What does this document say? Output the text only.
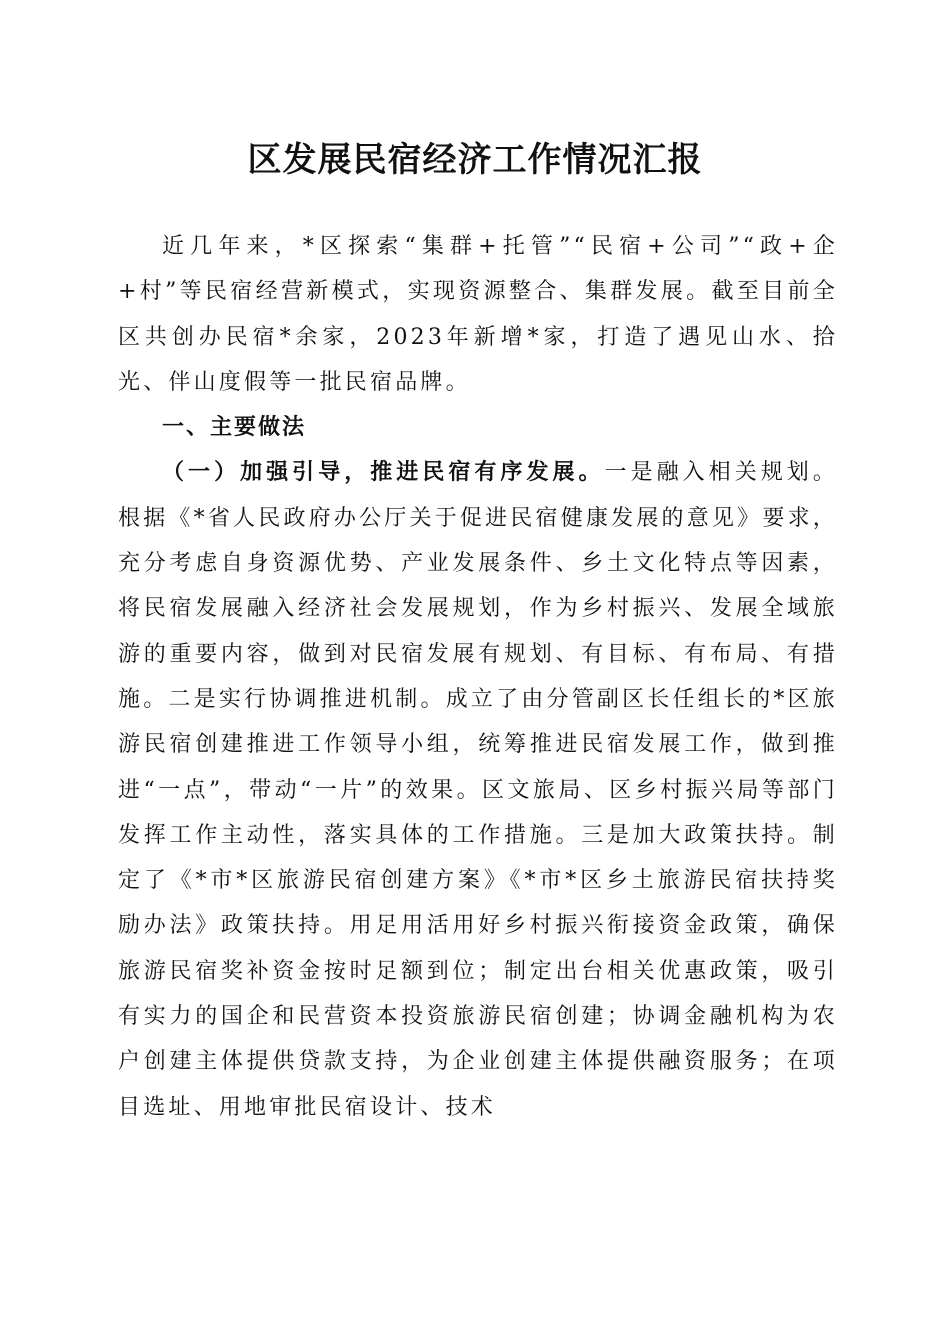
区发展民宿经济工作情况汇报

近几年来，*区探索“集群+托管”“民宿+公司”“政+企+村”等民宿经营新模式，实现资源整合、集群发展。截至目前全区共创办民宿*余家，2023年新增*家，打造了遇见山水、拾光、伴山度假等一批民宿品牌。

一、主要做法

（一）加强引导，推进民宿有序发展。一是融入相关规划。根据《*省人民政府办公厅关于促进民宿健康发展的意见》要求，充分考虑自身资源优势、产业发展条件、乡土文化特点等因素，将民宿发展融入经济社会发展规划，作为乡村振兴、发展全域旅游的重要内容，做到对民宿发展有规划、有目标、有布局、有措施。二是实行协调推进机制。成立了由分管副区长任组长的*区旅游民宿创建推进工作领导小组，统筹推进民宿发展工作，做到推进“一点”，带动“一片”的效果。区文旅局、区乡村振兴局等部门发挥工作主动性，落实具体的工作措施。三是加大政策扶持。制定了《*市*区旅游民宿创建方案》《*市*区乡土旅游民宿扶持奖励办法》政策扶持。用足用活用好乡村振兴衔接资金政策，确保旅游民宿奖补资金按时足额到位；制定出台相关优惠政策，吸引有实力的国企和民营资本投资旅游民宿创建；协调金融机构为农户创建主体提供贷款支持，为企业创建主体提供融资服务；在项目选址、用地审批民宿设计、技术
